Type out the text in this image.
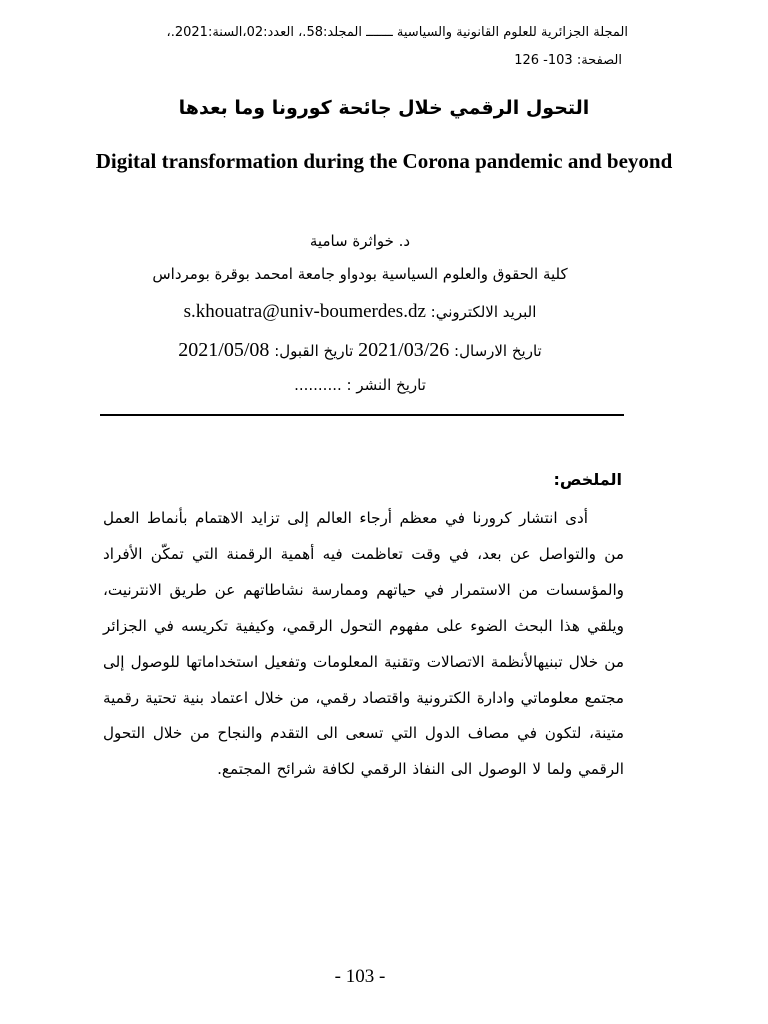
المجلة الجزائرية للعلوم القانونية والسياسية ـــــــ المجلد:58.، العدد:02،السنة:2021.،
الصفحة: 103- 126
التحول الرقمي خلال جائحة كورونا وما بعدها
Digital transformation during the Corona pandemic and beyond
د. خواثرة سامية
كلية الحقوق والعلوم السياسية بودواو جامعة امحمد بوقرة بومرداس
البريد الالكتروني: s.khouatra@univ-boumerdes.dz
تاريخ الارسال: 2021/03/26 تاريخ القبول: 2021/05/08
تاريخ النشر : ..........
الملخص:
أدى انتشار كرورنا في معظم أرجاء العالم إلى تزايد الاهتمام بأنماط العمل من والتواصل عن بعد، في وقت تعاظمت فيه أهمية الرقمنة التي تمكّن الأفراد والمؤسسات من الاستمرار في حياتهم وممارسة نشاطاتهم عن طريق الانترنيت، ويلقي هذا البحث الضوء على مفهوم التحول الرقمي، وكيفية تكريسه في الجزائر من خلال تبنيهالأنظمة الاتصالات وتقنية المعلومات وتفعيل استخداماتها للوصول إلى مجتمع معلوماتي وادارة الكترونية واقتصاد رقمي، من خلال اعتماد بنية تحتية رقمية متينة، لتكون في مصاف الدول التي تسعى الى التقدم والنجاح من خلال التحول الرقمي ولما لا الوصول الى النفاذ الرقمي لكافة شرائح المجتمع.
- 103 -
